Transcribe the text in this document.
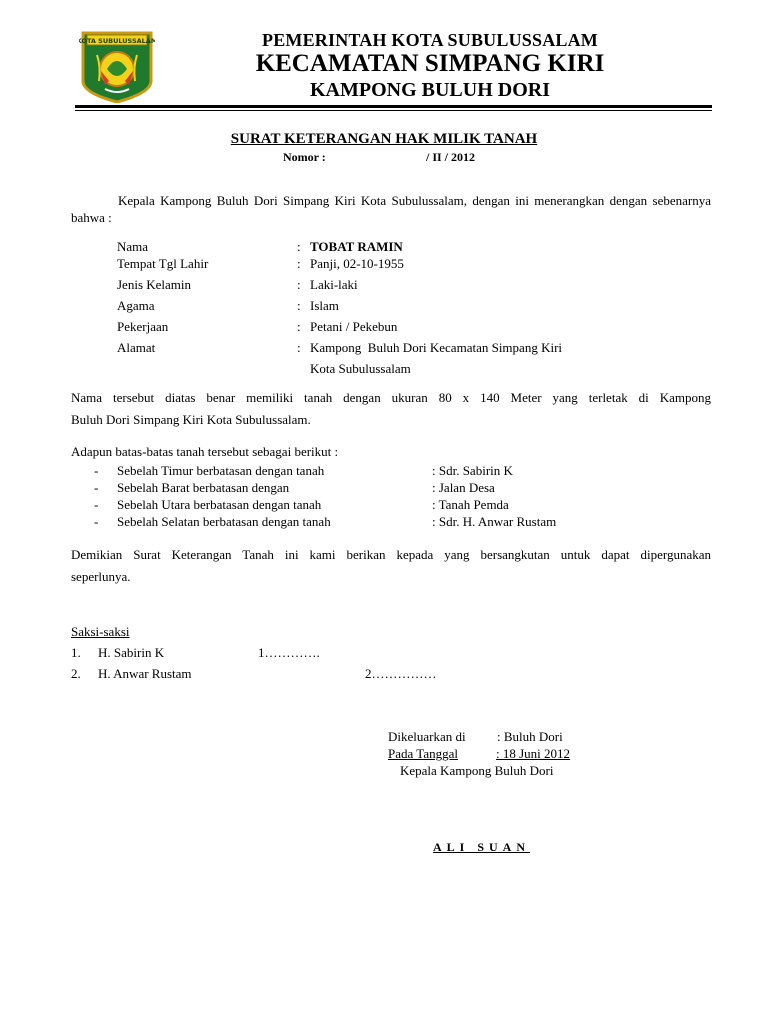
KOTA SUBULUSSALAM	PEMERINTAH KOTA SUBULUSSALAM
KECAMATAN SIMPANG KIRI
KAMPONG BULUH DORI
SURAT KETERANGAN HAK MILIK TANAH
Nomor :	/ II / 2012
Kepala Kampong Buluh Dori Simpang Kiri Kota Subulussalam, dengan ini menerangkan dengan sebenarnya bahwa :
Nama	: TOBAT RAMIN
Tempat Tgl Lahir	: Panji, 02-10-1955
Jenis Kelamin	: Laki-laki
Agama	: Islam
Pekerjaan	: Petani / Pekebun
Alamat	: Kampong  Buluh Dori Kecamatan Simpang Kiri
Kota Subulussalam
Nama tersebut diatas benar memiliki tanah dengan ukuran 80 x 140 Meter yang terletak di Kampong
Buluh Dori Simpang Kiri Kota Subulussalam.
Adapun batas-batas tanah tersebut sebagai berikut :
- Sebelah Timur berbatasan dengan tanah	: Sdr. Sabirin K
- Sebelah Barat berbatasan dengan	: Jalan Desa
- Sebelah Utara berbatasan dengan tanah	: Tanah Pemda
- Sebelah Selatan berbatasan dengan tanah	: Sdr. H. Anwar Rustam
Demikian Surat Keterangan Tanah ini kami berikan kepada yang bersangkutan untuk dapat dipergunakan
seperlunya.
Saksi-saksi
1. H. Sabirin K	1………….
2. H. Anwar Rustam	2……………
Dikeluarkan di : Buluh Dori
Pada Tanggal	: 18 Juni 2012
Kepala Kampong Buluh Dori
ALI SUAN
